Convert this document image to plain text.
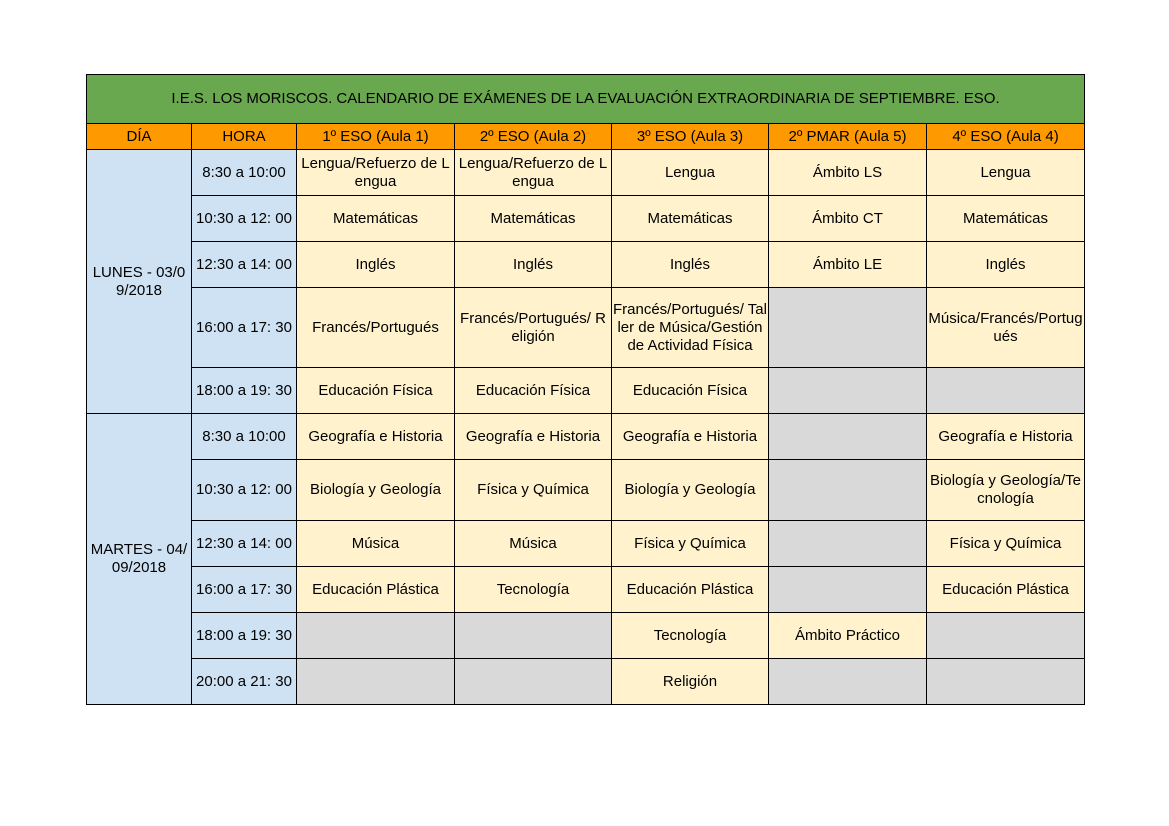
I.E.S. LOS MORISCOS. CALENDARIO DE EXÁMENES DE LA EVALUACIÓN EXTRAORDINARIA DE SEPTIEMBRE. ESO.						
DÍA	HORA	1º ESO (Aula 1)	2º ESO (Aula 2)	3º ESO (Aula 3)	2º PMAR (Aula 5)	4º ESO (Aula 4)
LUNES - 03/09/2018	8:30 a 10:00	Lengua/Refuerzo de Lengua	Lengua/Refuerzo de Lengua	Lengua	Ámbito LS	Lengua
	10:30 a 12: 00	Matemáticas	Matemáticas	Matemáticas	Ámbito CT	Matemáticas
	12:30 a 14: 00	Inglés	Inglés	Inglés	Ámbito LE	Inglés
	16:00 a 17: 30	Francés/Portugués	Francés/Portugués/ Religión	Francés/Portugués/ Taller de Música/Gestión de Actividad Física		Música/Francés/Portugués
	18:00 a 19: 30	Educación Física	Educación Física	Educación Física		
MARTES - 04/09/2018	8:30 a 10:00	Geografía e Historia	Geografía e Historia	Geografía e Historia		Geografía e Historia
	10:30 a 12: 00	Biología y Geología	Física y Química	Biología y Geología		Biología y Geología/Tecnología
	12:30 a 14: 00	Música	Música	Física y Química		Física y Química
	16:00 a 17: 30	Educación Plástica	Tecnología	Educación Plástica		Educación Plástica
	18:00 a 19: 30			Tecnología	Ámbito Práctico	
	20:00 a 21: 30			Religión		
